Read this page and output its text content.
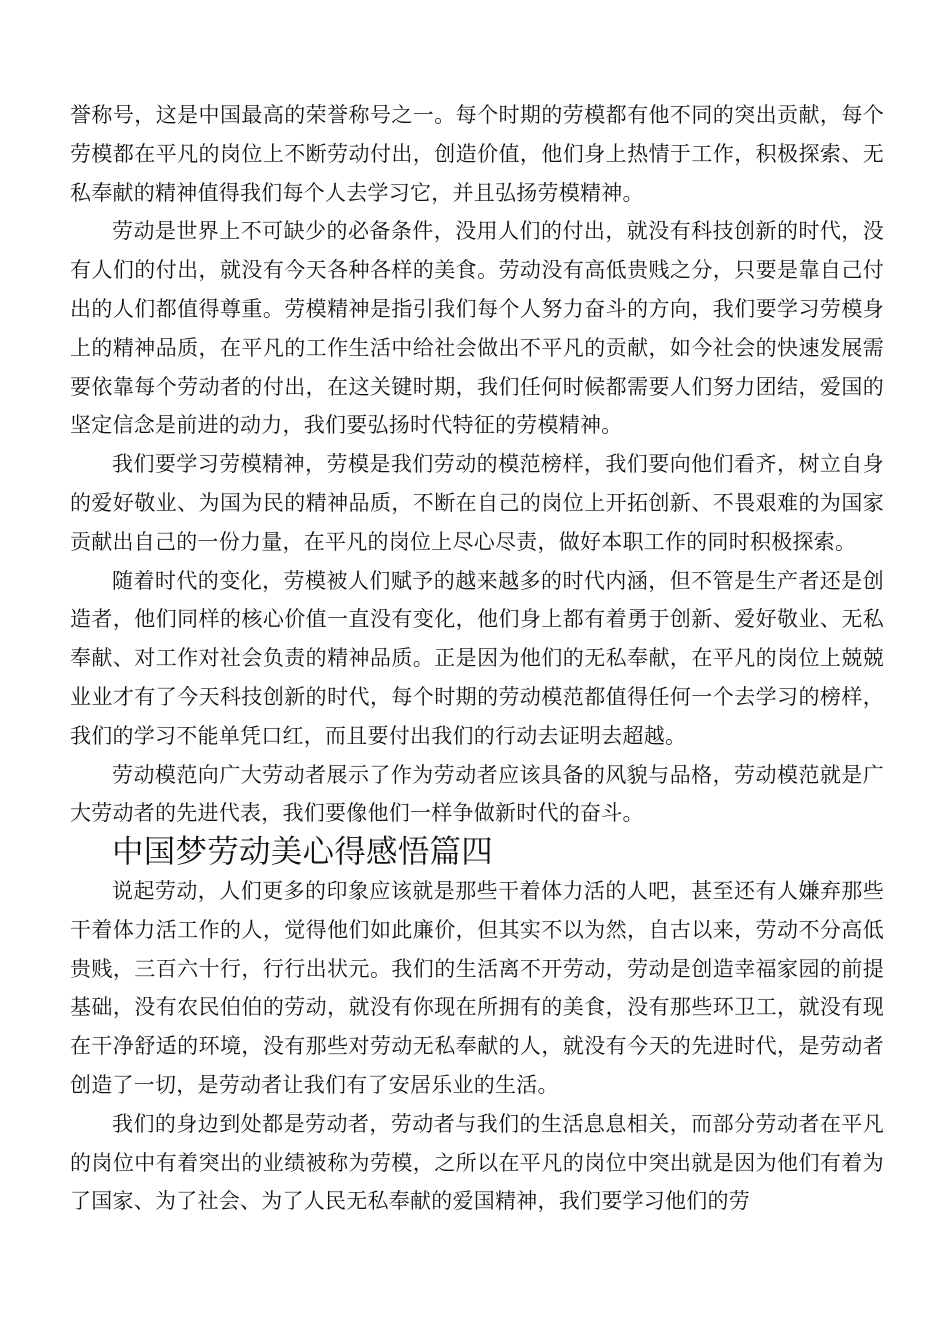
誉称号，这是中国最高的荣誉称号之一。每个时期的劳模都有他不同的突出贡献，每个劳模都在平凡的岗位上不断劳动付出，创造价值，他们身上热情于工作，积极探索、无私奉献的精神值得我们每个人去学习它，并且弘扬劳模精神。

劳动是世界上不可缺少的必备条件，没用人们的付出，就没有科技创新的时代，没有人们的付出，就没有今天各种各样的美食。劳动没有高低贵贱之分，只要是靠自己付出的人们都值得尊重。劳模精神是指引我们每个人努力奋斗的方向，我们要学习劳模身上的精神品质，在平凡的工作生活中给社会做出不平凡的贡献，如今社会的快速发展需要依靠每个劳动者的付出，在这关键时期，我们任何时候都需要人们努力团结，爱国的坚定信念是前进的动力，我们要弘扬时代特征的劳模精神。

我们要学习劳模精神，劳模是我们劳动的模范榜样，我们要向他们看齐，树立自身的爱好敬业、为国为民的精神品质，不断在自己的岗位上开拓创新、不畏艰难的为国家贡献出自己的一份力量，在平凡的岗位上尽心尽责，做好本职工作的同时积极探索。

随着时代的变化，劳模被人们赋予的越来越多的时代内涵，但不管是生产者还是创造者，他们同样的核心价值一直没有变化，他们身上都有着勇于创新、爱好敬业、无私奉献、对工作对社会负责的精神品质。正是因为他们的无私奉献，在平凡的岗位上兢兢业业才有了今天科技创新的时代，每个时期的劳动模范都值得任何一个去学习的榜样，我们的学习不能单凭口红，而且要付出我们的行动去证明去超越。

劳动模范向广大劳动者展示了作为劳动者应该具备的风貌与品格，劳动模范就是广大劳动者的先进代表，我们要像他们一样争做新时代的奋斗。

中国梦劳动美心得感悟篇四

说起劳动，人们更多的印象应该就是那些干着体力活的人吧，甚至还有人嫌弃那些干着体力活工作的人，觉得他们如此廉价，但其实不以为然，自古以来，劳动不分高低贵贱，三百六十行，行行出状元。我们的生活离不开劳动，劳动是创造幸福家园的前提基础，没有农民伯伯的劳动，就没有你现在所拥有的美食，没有那些环卫工，就没有现在干净舒适的环境，没有那些对劳动无私奉献的人，就没有今天的先进时代，是劳动者创造了一切，是劳动者让我们有了安居乐业的生活。

我们的身边到处都是劳动者，劳动者与我们的生活息息相关，而部分劳动者在平凡的岗位中有着突出的业绩被称为劳模，之所以在平凡的岗位中突出就是因为他们有着为了国家、为了社会、为了人民无私奉献的爱国精神，我们要学习他们的劳
